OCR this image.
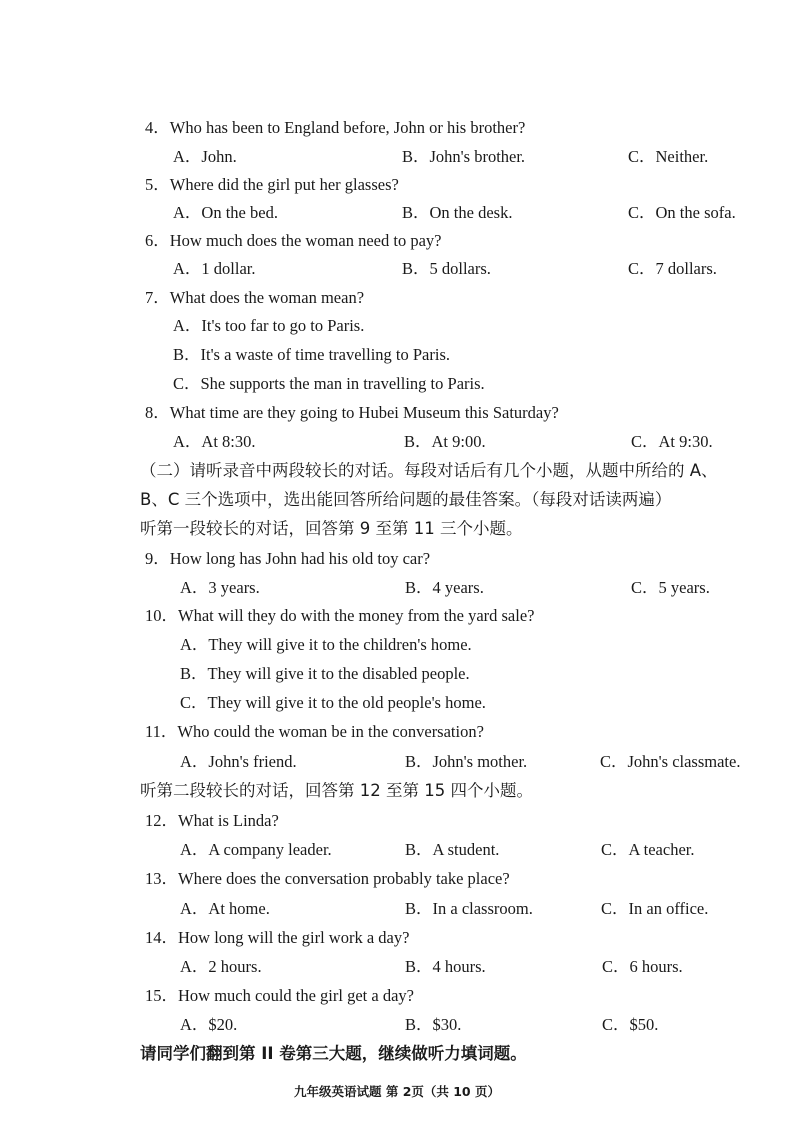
4．Who has been to England before, John or his brother?
A．John.	B．John's brother.	C．Neither.
5．Where did the girl put her glasses?
A．On the bed.	B．On the desk.	C．On the sofa.
6．How much does the woman need to pay?
A．1 dollar.	B．5 dollars.	C．7 dollars.
7．What does the woman mean?
A．It's too far to go to Paris.
B．It's a waste of time travelling to Paris.
C．She supports the man in travelling to Paris.
8．What time are they going to Hubei Museum this Saturday?
A．At 8:30.	B．At 9:00.	C．At 9:30.
（二）请听录音中两段较长的对话。每段对话后有几个小题，从题中所给的 A、
B、C 三个选项中，选出能回答所给问题的最佳答案。（每段对话读两遍）
听第一段较长的对话，回答第 9 至第 11 三个小题。
9．How long has John had his old toy car?
A．3 years.	B．4 years.	C．5 years.
10．What will they do with the money from the yard sale?
A．They will give it to the children's home.
B．They will give it to the disabled people.
C．They will give it to the old people's home.
11．Who could the woman be in the conversation?
A．John's friend.	B．John's mother.	C．John's classmate.
听第二段较长的对话，回答第 12 至第 15 四个小题。
12．What is Linda?
A．A company leader.	B．A student.	C．A teacher.
13．Where does the conversation probably take place?
A．At home.	B．In a classroom.	C．In an office.
14．How long will the girl work a day?
A．2 hours.	B．4 hours.	C．6 hours.
15．How much could the girl get a day?
A．$20.	B．$30.	C．$50.
请同学们翻到第 II 卷第三大题，继续做听力填词题。
九年级英语试题 第 2页（共 10 页）
